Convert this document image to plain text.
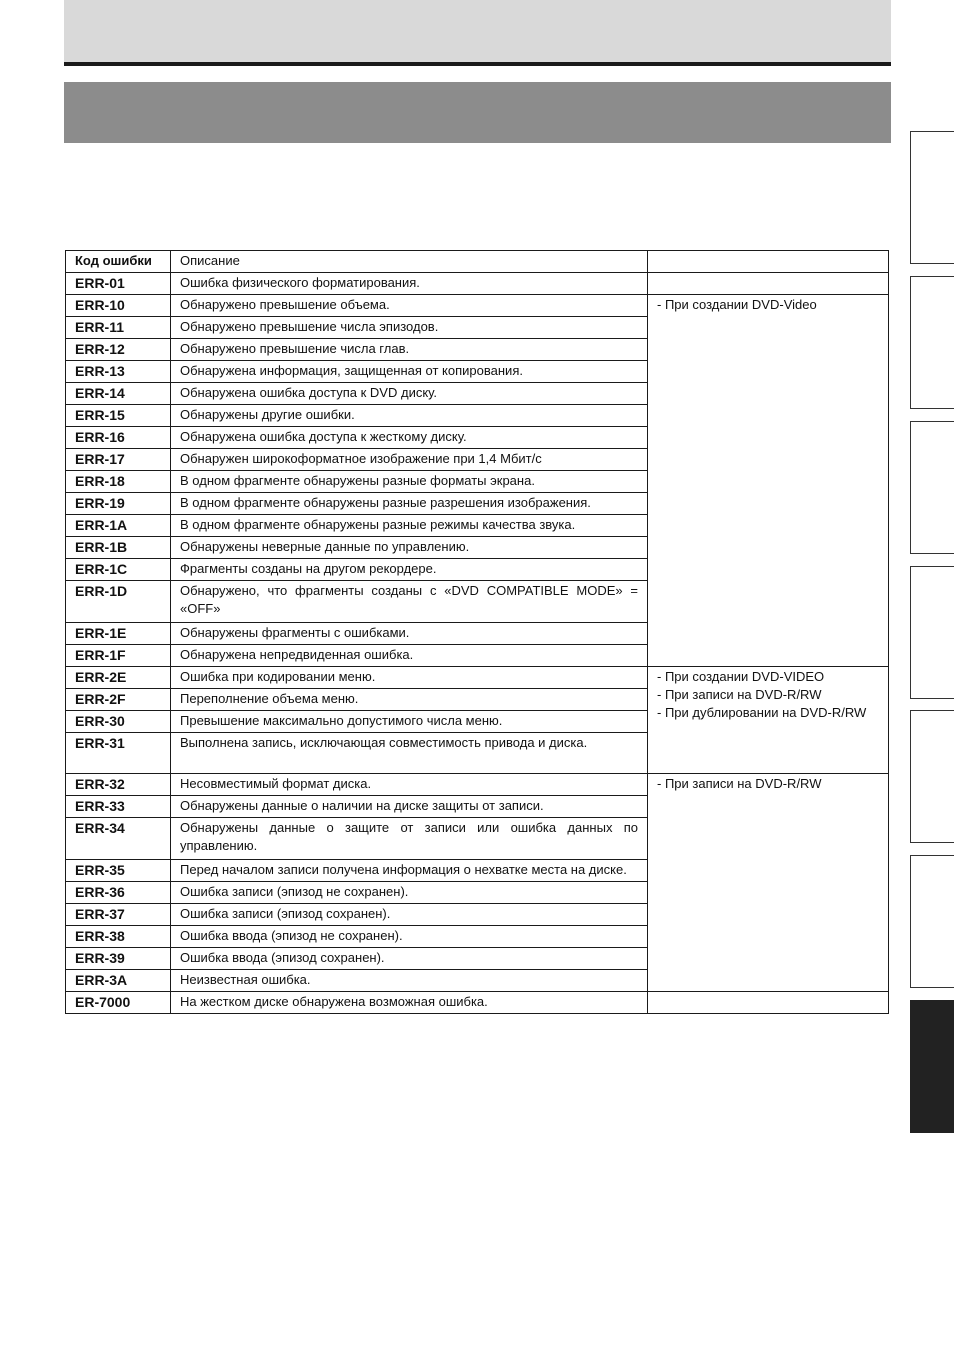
Код ошибки	Описание	
ERR-01	Ошибка физического форматирования.	

ERR-10	Обнаружено превышение объема.	- При создании DVD-Video

ERR-11	Обнаружено превышение числа эпизодов.	
ERR-12	Обнаружено превышение числа глав.	
ERR-13	Обнаружена информация, защищенная от копирования.	
ERR-14	Обнаружена ошибка доступа к DVD диску.	
ERR-15	Обнаружены другие ошибки.	
ERR-16	Обнаружена ошибка доступа к жесткому диску.	
ERR-17	Обнаружен широкоформатное изображение при 1,4 Мбит/с	
ERR-18	В одном фрагменте обнаружены разные форматы экрана.	
ERR-19	В одном фрагменте обнаружены разные разрешения изображения.	
ERR-1A	В одном фрагменте обнаружены разные режимы качества звука.	
ERR-1B	Обнаружены неверные данные по управлению.	
ERR-1C	Фрагменты созданы на другом рекордере.	
ERR-1D	Обнаружено, что фрагменты созданы с «DVD COMPATIBLE MODE» = «OFF»	
ERR-1E	Обнаружены фрагменты с ошибками.	
ERR-1F	Обнаружена непредвиденная ошибка.	
ERR-2E	Ошибка при кодировании меню.	- При создании DVD-VIDEO
- При записи на DVD-R/RW
- При дублировании на DVD-R/RW

ERR-2F	Переполнение объема меню.	
ERR-30	Превышение максимально допустимого числа меню.	
ERR-31	Выполнена запись, исключающая совместимость привода и диска.	
ERR-32	Несовместимый формат диска.	- При записи на DVD-R/RW

ERR-33	Обнаружены данные о наличии на диске защиты от записи.	
ERR-34	Обнаружены данные о защите от записи или ошибка данных по управлению.	
ERR-35	Перед началом записи получена информация о нехватке места на диске.	
ERR-36	Ошибка записи (эпизод не сохранен).	
ERR-37	Ошибка записи (эпизод сохранен).	
ERR-38	Ошибка ввода (эпизод не сохранен).	
ERR-39	Ошибка ввода (эпизод сохранен).	
ERR-3A	Неизвестная ошибка.	
ER-7000	На жестком диске обнаружена возможная ошибка.	
